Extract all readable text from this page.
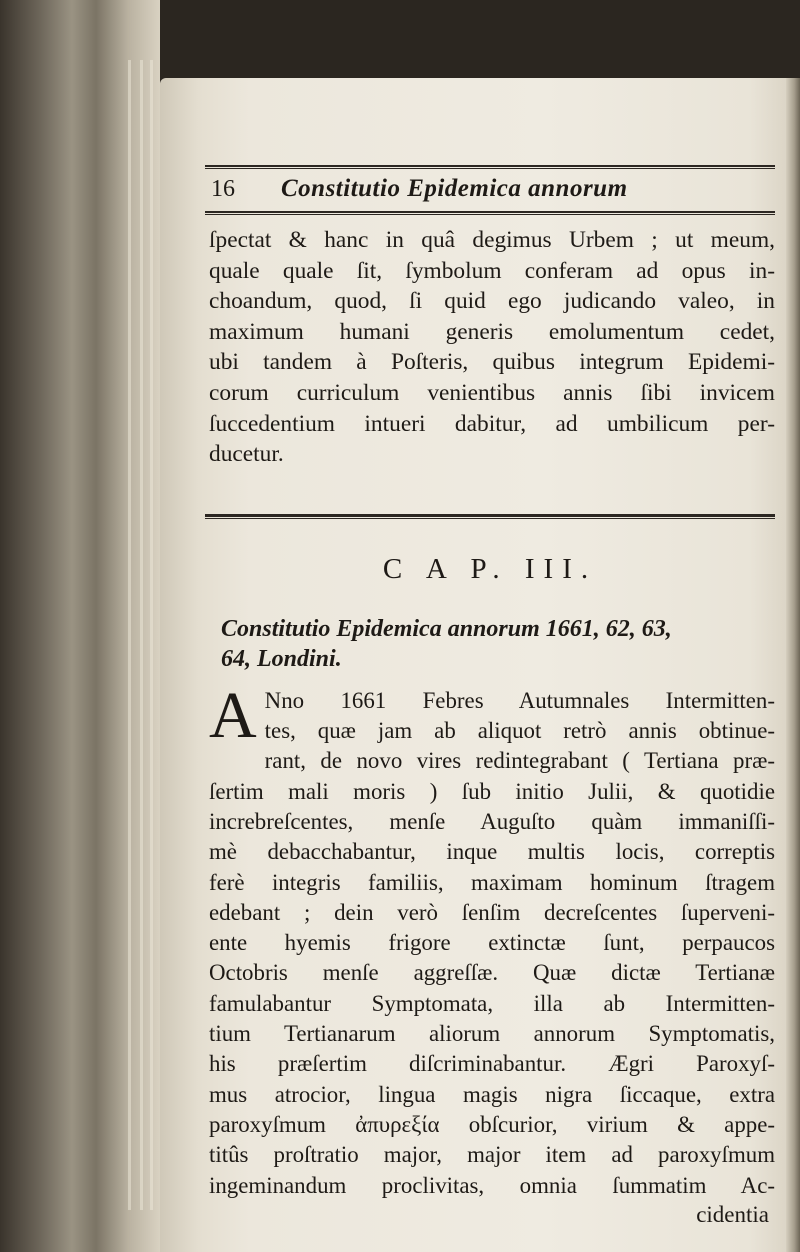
16	Constitutio Epidemica annorum
ſpectat & hanc in quâ degimus Urbem ; ut meum,
quale quale ſit, ſymbolum conferam ad opus in-
choandum, quod, ſi quid ego judicando valeo, in
maximum humani generis emolumentum cedet,
ubi tandem à Poſteris, quibus integrum Epidemi-
corum curriculum venientibus annis ſibi invicem
ſuccedentium intueri dabitur, ad umbilicum per-
ducetur.
C A P. III.
Constitutio Epidemica annorum 1661, 62, 63,
64, Londini.
A Nno 1661 Febres Autumnales Intermitten-
tes, quæ jam ab aliquot retrò annis obtinue-
rant, de novo vires redintegrabant ( Tertiana præ-
ſertim mali moris ) ſub initio Julii, & quotidie
increbreſcentes, menſe Auguſto quàm immaniſſi-
mè debacchabantur, inque multis locis, correptis
ferè integris familiis, maximam hominum ſtragem
edebant ; dein verò ſenſim decreſcentes ſuperveni-
ente hyemis frigore extinctæ ſunt, perpaucos
Octobris menſe aggreſſæ. Quæ dictæ Tertianæ
famulabantur Symptomata, illa ab Intermitten-
tium Tertianarum aliorum annorum Symptomatis,
his præſertim diſcriminabantur. Ægri Paroxyſ-
mus atrocior, lingua magis nigra ſiccaque, extra
paroxyſmum ἀπυρεξία obſcurior, virium & appe-
titûs proſtratio major, major item ad paroxyſmum
ingeminandum proclivitas, omnia ſummatim Ac-
cidentia
